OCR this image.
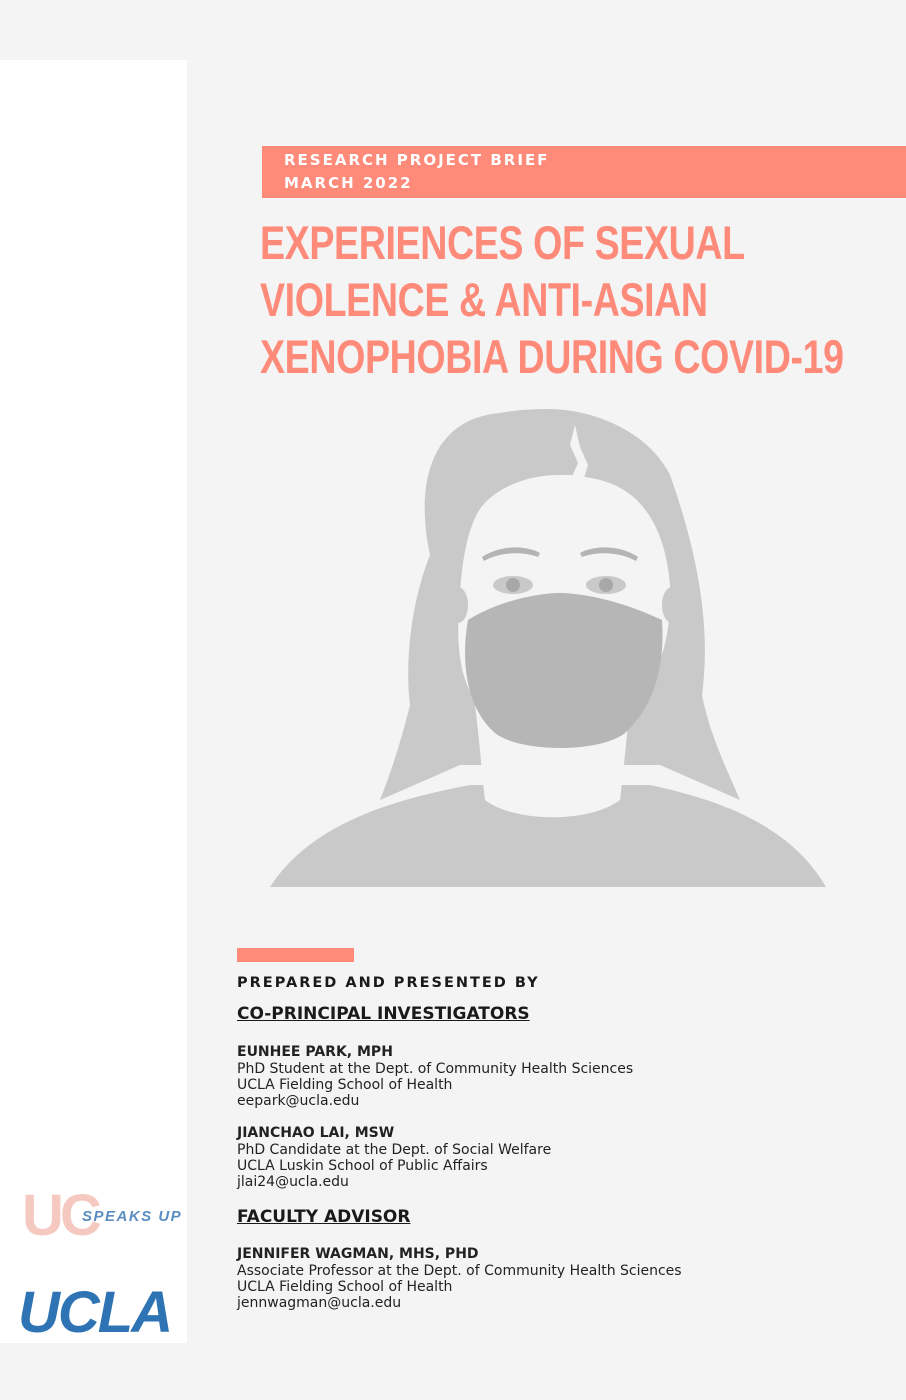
RESEARCH PROJECT BRIEF
MARCH 2022
EXPERIENCES OF SEXUAL
VIOLENCE & ANTI-ASIAN
XENOPHOBIA DURING COVID-19
PREPARED AND PRESENTED BY
CO-PRINCIPAL INVESTIGATORS
EUNHEE PARK, MPH
PhD Student at the Dept. of Community Health Sciences
UCLA Fielding School of Health
eepark@ucla.edu
JIANCHAO LAI, MSW
PhD Candidate at the Dept. of Social Welfare
UCLA Luskin School of Public Affairs
jlai24@ucla.edu
FACULTY ADVISOR
JENNIFER WAGMAN, MHS, PHD
Associate Professor at the Dept. of Community Health Sciences
UCLA Fielding School of Health
jennwagman@ucla.edu
UC
SPEAKS UP
UCLA
